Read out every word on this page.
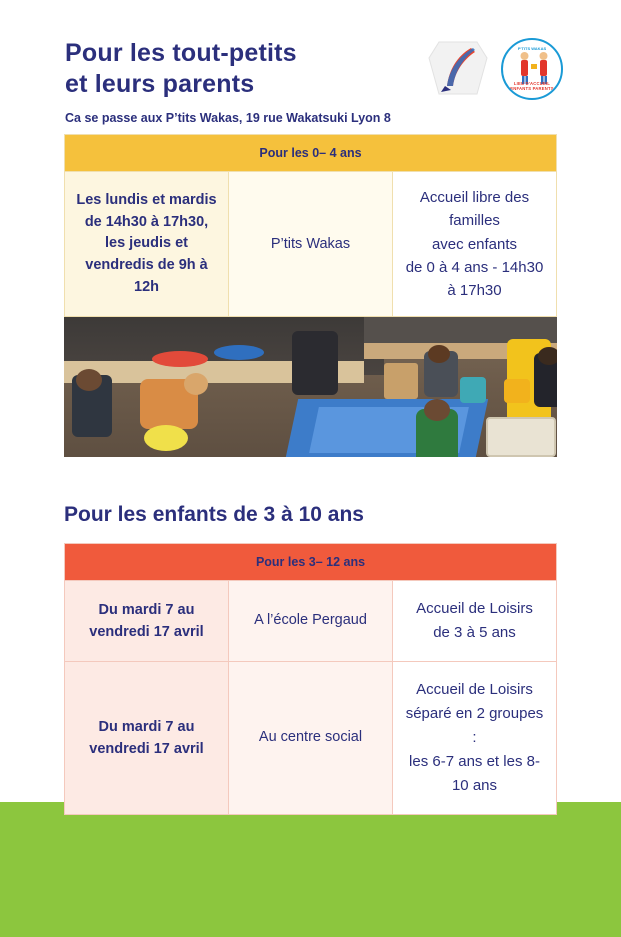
Pour les tout-petits
et leurs parents
Ca se passe aux P’tits Wakas, 19 rue Wakatsuki Lyon 8
P'TITS WAKAS
LIEU D'ACCUEIL ENFANTS PARENTS
Pour les 0– 4 ans
Les lundis et mardis de 14h30 à 17h30, les jeudis et vendredis de 9h à 12h	P’tits Wakas	
Accueil libre des familles
avec enfants
de 0 à 4 ans - 14h30 à 17h30
Pour les enfants de 3 à 10 ans
Pour les 3– 12 ans		
Du mardi 7 au vendredi 17 avril	A l’école Pergaud	Accueil de Loisirs
de 3 à 5 ans

Du mardi 7 au vendredi 17 avril	Au centre social	Accueil de Loisirs
séparé en 2 groupes :
les 6-7 ans et les 8-10 ans
